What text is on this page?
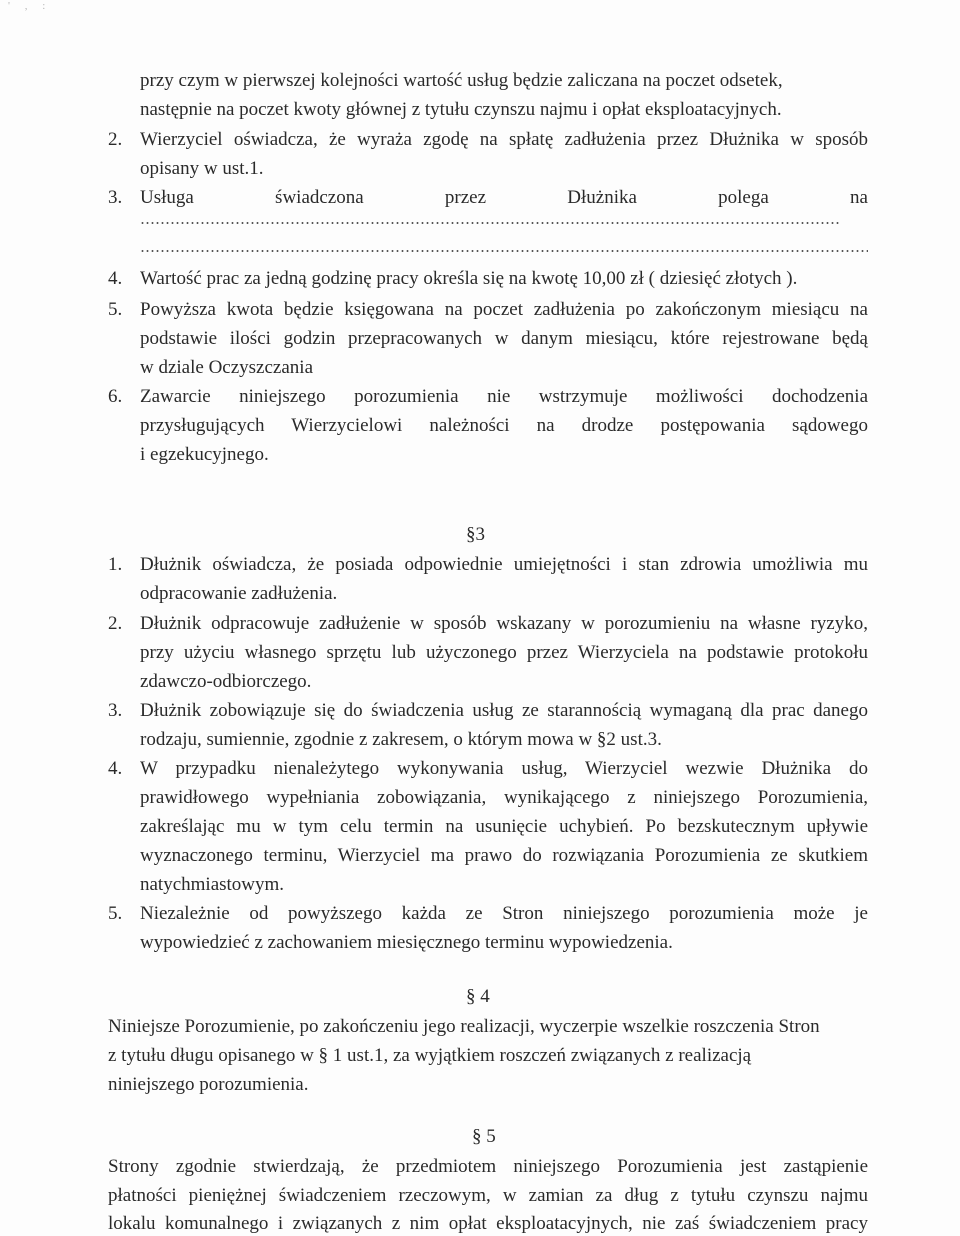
' , :
przy czym w pierwszej kolejności wartość usług będzie zaliczana na poczet odsetek,
następnie na poczet kwoty głównej z tytułu czynszu najmu i opłat eksploatacyjnych.
2. Wierzyciel oświadcza, że wyraża zgodę na spłatę zadłużenia przez Dłużnika w sposób
opisany w ust.1.
3. Usługa	świadczona	przez	Dłużnika	polega	na
4. Wartość prac za jedną godzinę pracy określa się na kwotę 10,00 zł ( dziesięć złotych ).
5. Powyższa kwota będzie księgowana na poczet zadłużenia po zakończonym miesiącu na
podstawie ilości godzin przepracowanych w danym miesiącu, które rejestrowane będą
w dziale Oczyszczania
6. Zawarcie niniejszego porozumienia nie wstrzymuje możliwości dochodzenia
przysługujących Wierzycielowi należności na drodze postępowania sądowego
i egzekucyjnego.
§3
1. Dłużnik oświadcza, że posiada odpowiednie umiejętności i stan zdrowia umożliwia mu
odpracowanie zadłużenia.
2. Dłużnik odpracowuje zadłużenie w sposób wskazany w porozumieniu na własne ryzyko,
przy użyciu własnego sprzętu lub użyczonego przez Wierzyciela na podstawie protokołu
zdawczo-odbiorczego.
3. Dłużnik zobowiązuje się do świadczenia usług ze starannością wymaganą dla prac danego
rodzaju, sumiennie, zgodnie z zakresem, o którym mowa w §2 ust.3.
4. W przypadku nienależytego wykonywania usług, Wierzyciel wezwie Dłużnika do
prawidłowego wypełniania zobowiązania, wynikającego z niniejszego Porozumienia,
zakreślając mu w tym celu termin na usunięcie uchybień. Po bezskutecznym upływie
wyznaczonego terminu, Wierzyciel ma prawo do rozwiązania Porozumienia ze skutkiem
natychmiastowym.
5. Niezależnie od powyższego każda ze Stron niniejszego porozumienia może je
wypowiedzieć z zachowaniem miesięcznego terminu wypowiedzenia.
§ 4
Niniejsze Porozumienie, po zakończeniu jego realizacji, wyczerpie wszelkie roszczenia Stron
z tytułu długu opisanego w § 1 ust.1, za wyjątkiem roszczeń związanych z realizacją
niniejszego porozumienia.
§ 5
Strony zgodnie stwierdzają, że przedmiotem niniejszego Porozumienia jest zastąpienie
płatności pieniężnej świadczeniem rzeczowym, w zamian za dług z tytułu czynszu najmu
lokalu komunalnego i związanych z nim opłat eksploatacyjnych, nie zaś świadczeniem pracy
